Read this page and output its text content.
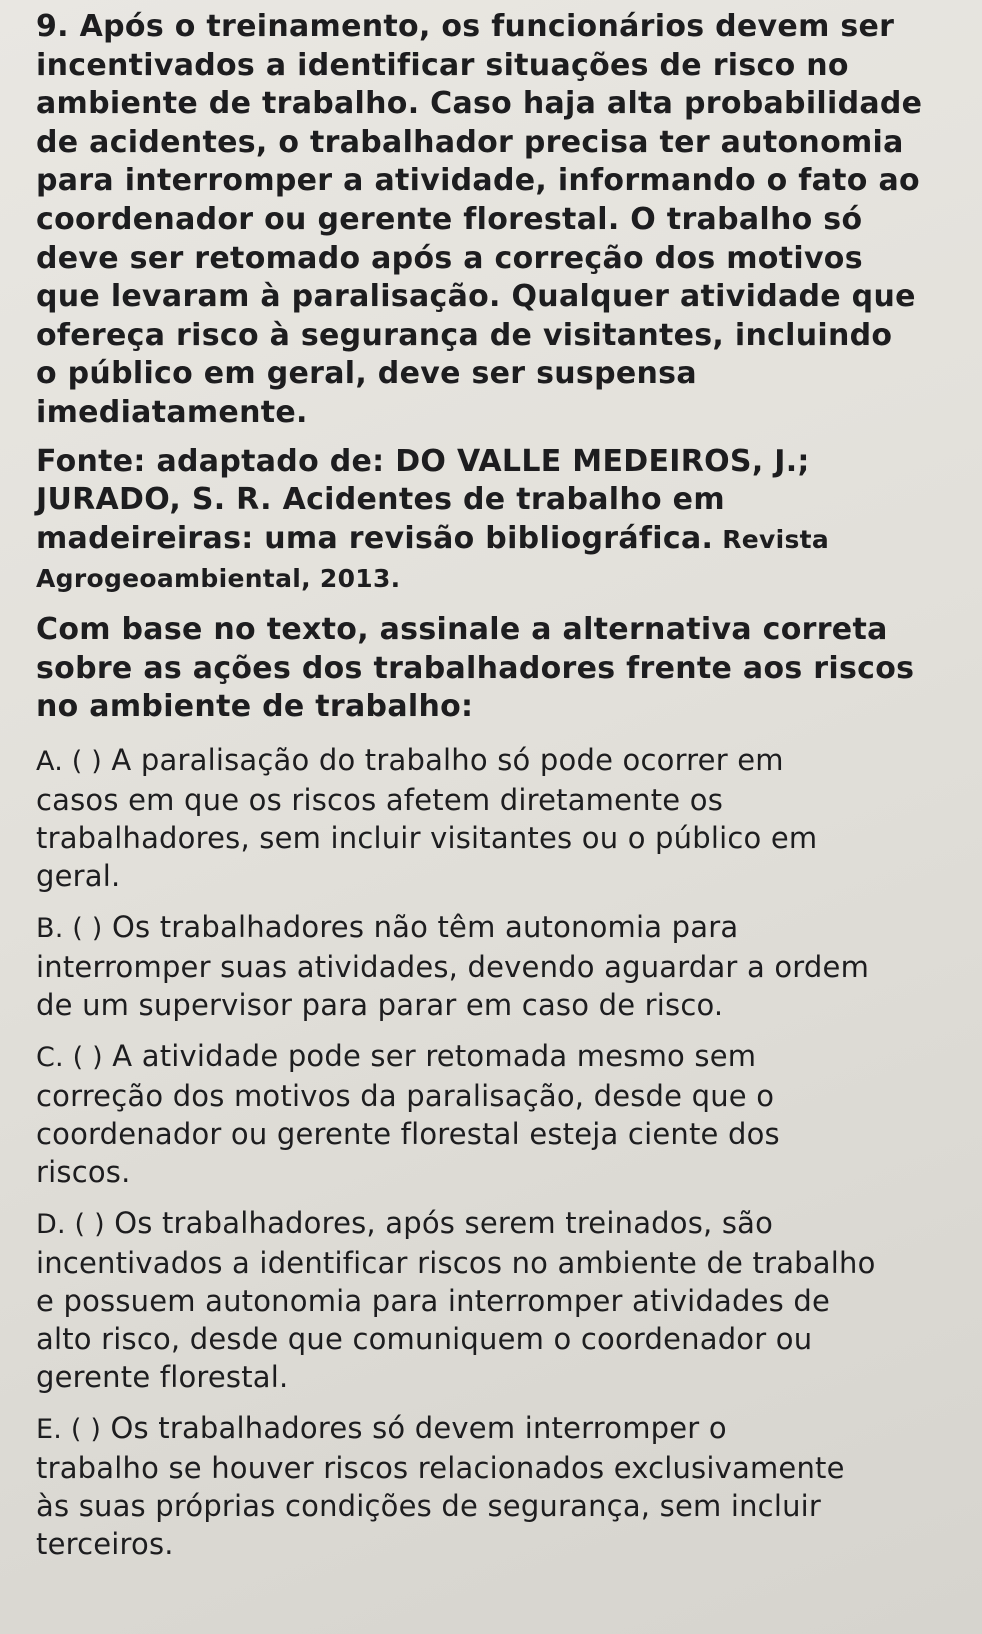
9. Após o treinamento, os funcionários devem ser
incentivados a identificar situações de risco no
ambiente de trabalho. Caso haja alta probabilidade
de acidentes, o trabalhador precisa ter autonomia
para interromper a atividade, informando o fato ao
coordenador ou gerente florestal. O trabalho só
deve ser retomado após a correção dos motivos
que levaram à paralisação. Qualquer atividade que
ofereça risco à segurança de visitantes, incluindo
o público em geral, deve ser suspensa
imediatamente.

Fonte: adaptado de: DO VALLE MEDEIROS, J.;
JURADO, S. R. Acidentes de trabalho em
madeireiras: uma revisão bibliográfica. Revista
Agrogeoambiental, 2013.

Com base no texto, assinale a alternativa correta
sobre as ações dos trabalhadores frente aos riscos
no ambiente de trabalho:

A. ( ) A paralisação do trabalho só pode ocorrer em
casos em que os riscos afetem diretamente os
trabalhadores, sem incluir visitantes ou o público em
geral.

B. ( ) Os trabalhadores não têm autonomia para
interromper suas atividades, devendo aguardar a ordem
de um supervisor para parar em caso de risco.

C. ( ) A atividade pode ser retomada mesmo sem
correção dos motivos da paralisação, desde que o
coordenador ou gerente florestal esteja ciente dos
riscos.

D. ( ) Os trabalhadores, após serem treinados, são
incentivados a identificar riscos no ambiente de trabalho
e possuem autonomia para interromper atividades de
alto risco, desde que comuniquem o coordenador ou
gerente florestal.

E. ( ) Os trabalhadores só devem interromper o
trabalho se houver riscos relacionados exclusivamente
às suas próprias condições de segurança, sem incluir
terceiros.
